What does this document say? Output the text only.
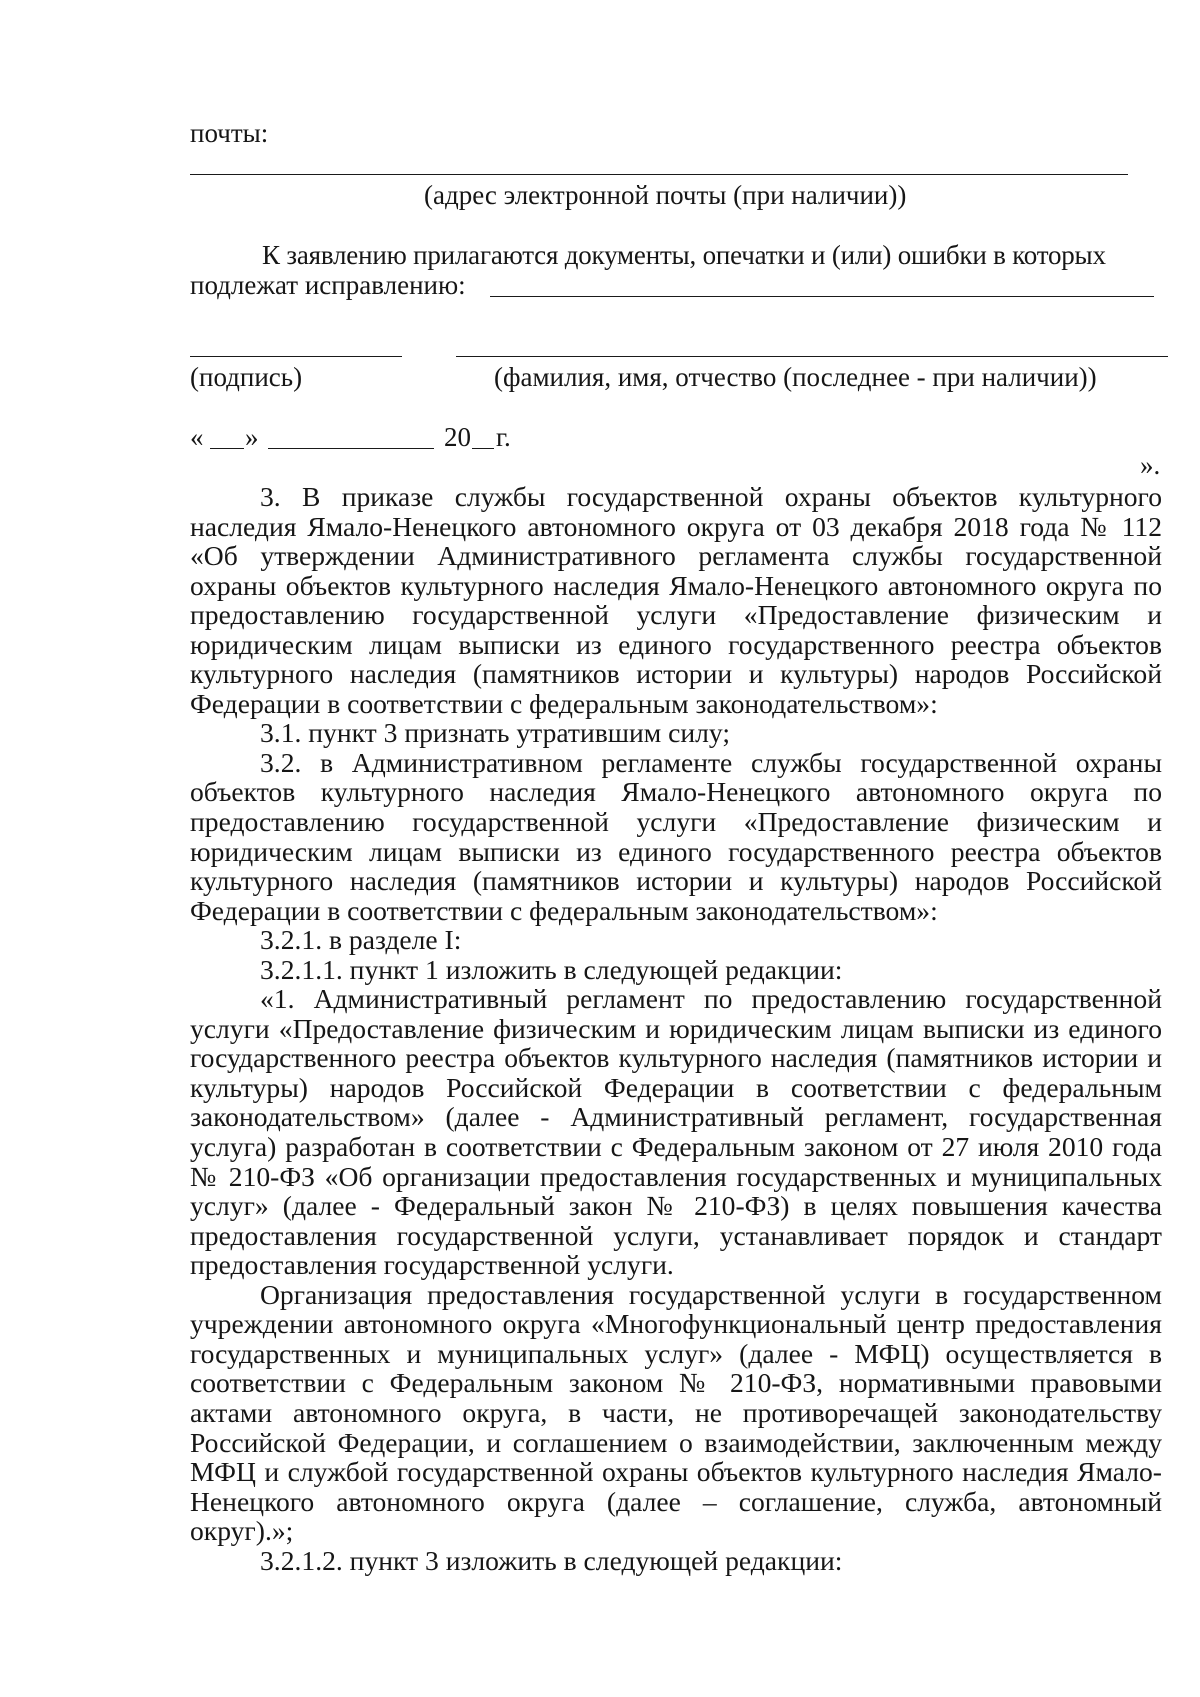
почты:
(адрес электронной почты (при наличии))
К заявлению прилагаются документы, опечатки и (или) ошибки в которых
подлежат исправлению:
(подпись)	(фамилия, имя, отчество (последнее - при наличии))
« »	20 г.
».

3. В приказе службы государственной охраны объектов культурного наследия Ямало-Ненецкого автономного округа от 03 декабря 2018 года № 112 «Об утверждении Административного регламента службы государственной охраны объектов культурного наследия Ямало-Ненецкого автономного округа по предоставлению государственной услуги «Предоставление физическим и юридическим лицам выписки из единого государственного реестра объектов культурного наследия (памятников истории и культуры) народов Российской Федерации в соответствии с федеральным законодательством»:

3.1. пункт 3 признать утратившим силу;

3.2. в Административном регламенте службы государственной охраны объектов культурного наследия Ямало-Ненецкого автономного округа по предоставлению государственной услуги «Предоставление физическим и юридическим лицам выписки из единого государственного реестра объектов культурного наследия (памятников истории и культуры) народов Российской Федерации в соответствии с федеральным законодательством»:

3.2.1. в разделе I:

3.2.1.1. пункт 1 изложить в следующей редакции:

«1. Административный регламент по предоставлению государственной услуги «Предоставление физическим и юридическим лицам выписки из единого государственного реестра объектов культурного наследия (памятников истории и культуры) народов Российской Федерации в соответствии с федеральным законодательством» (далее - Административный регламент, государственная услуга) разработан в соответствии с Федеральным законом от 27 июля 2010 года № 210-ФЗ «Об организации предоставления государственных и муниципальных услуг» (далее - Федеральный закон № 210-ФЗ) в целях повышения качества предоставления государственной услуги, устанавливает порядок и стандарт предоставления государственной услуги.

Организация предоставления государственной услуги в государственном учреждении автономного округа «Многофункциональный центр предоставления государственных и муниципальных услуг» (далее - МФЦ) осуществляется в соответствии с Федеральным законом № 210-ФЗ, нормативными правовыми актами автономного округа, в части, не противоречащей законодательству Российской Федерации, и соглашением о взаимодействии, заключенным между МФЦ и службой государственной охраны объектов культурного наследия Ямало-Ненецкого автономного округа (далее – соглашение, служба, автономный округ).»;

3.2.1.2. пункт 3 изложить в следующей редакции:
